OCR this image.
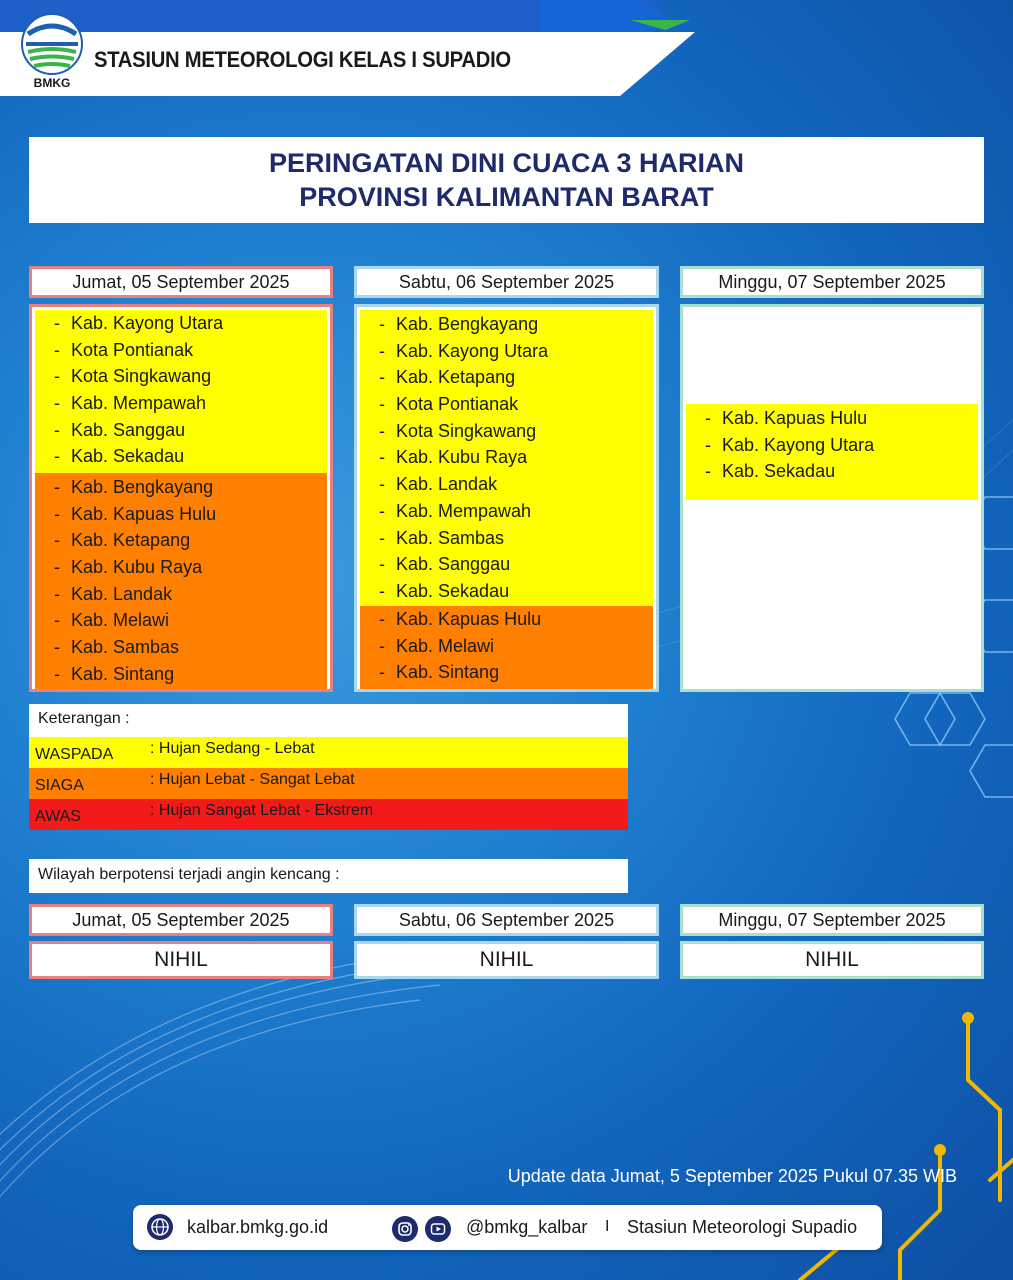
BMKG
STASIUN METEOROLOGI KELAS I SUPADIO
PERINGATAN DINI CUACA 3 HARIAN
PROVINSI KALIMANTAN BARAT
Jumat, 05 September 2025
- Kab. Kayong Utara
- Kota Pontianak
- Kota Singkawang
- Kab. Mempawah
- Kab. Sanggau
- Kab. Sekadau
- Kab. Bengkayang
- Kab. Kapuas Hulu
- Kab. Ketapang
- Kab. Kubu Raya
- Kab. Landak
- Kab. Melawi
- Kab. Sambas
- Kab. Sintang
Sabtu, 06 September 2025
- Kab. Bengkayang
- Kab. Kayong Utara
- Kab. Ketapang
- Kota Pontianak
- Kota Singkawang
- Kab. Kubu Raya
- Kab. Landak
- Kab. Mempawah
- Kab. Sambas
- Kab. Sanggau
- Kab. Sekadau
- Kab. Kapuas Hulu
- Kab. Melawi
- Kab. Sintang
Minggu, 07 September 2025
- Kab. Kapuas Hulu
- Kab. Kayong Utara
- Kab. Sekadau
Keterangan :
WASPADA : Hujan Sedang - Lebat
SIAGA	: Hujan Lebat - Sangat Lebat
AWAS	: Hujan Sangat Lebat - Ekstrem
Wilayah berpotensi terjadi angin kencang :
Jumat, 05 September 2025	Sabtu, 06 September 2025	Minggu, 07 September 2025
NIHIL	NIHIL	NIHIL
Update data Jumat, 5 September 2025 Pukul 07.35 WIB
kalbar.bmkg.go.id	@bmkg_kalbar I Stasiun Meteorologi Supadio
